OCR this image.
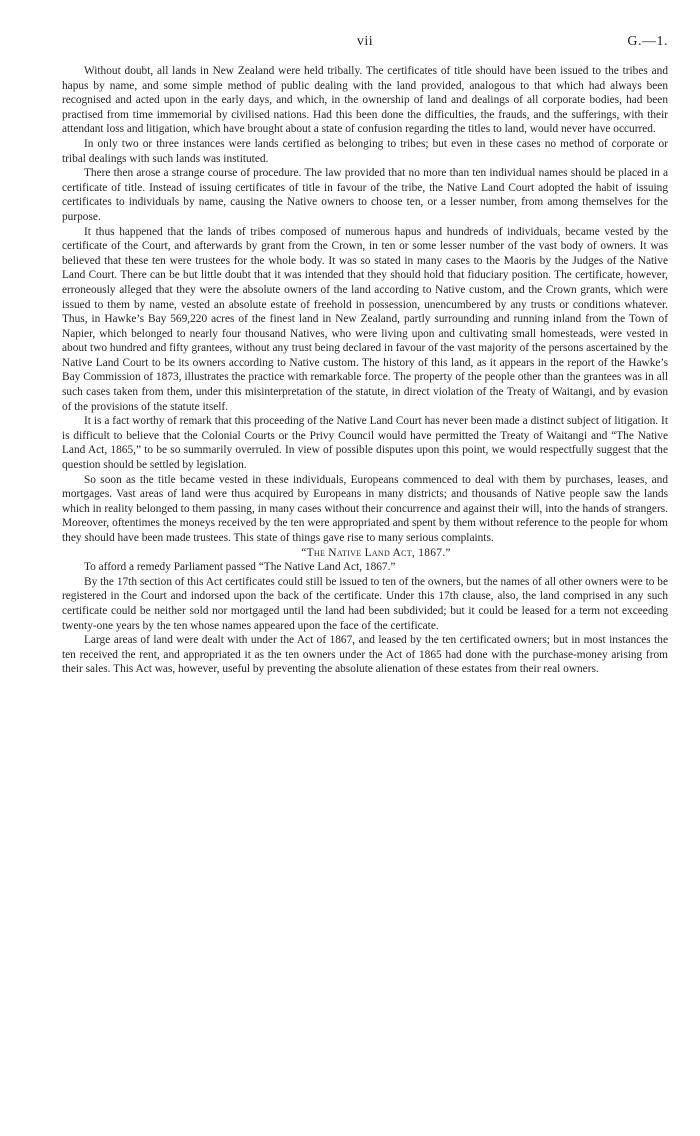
vii	G.—1.

Without doubt, all lands in New Zealand were held tribally. The certificates of title should have been issued to the tribes and hapus by name, and some simple method of public dealing with the land provided, analogous to that which had always been recognised and acted upon in the early days, and which, in the ownership of land and dealings of all corporate bodies, had been practised from time immemorial by civilised nations. Had this been done the difficulties, the frauds, and the sufferings, with their attendant loss and litigation, which have brought about a state of confusion regarding the titles to land, would never have occurred.

In only two or three instances were lands certified as belonging to tribes; but even in these cases no method of corporate or tribal dealings with such lands was instituted.

There then arose a strange course of procedure. The law provided that no more than ten individual names should be placed in a certificate of title. Instead of issuing certificates of title in favour of the tribe, the Native Land Court adopted the habit of issuing certificates to individuals by name, causing the Native owners to choose ten, or a lesser number, from among themselves for the purpose.

It thus happened that the lands of tribes composed of numerous hapus and hundreds of individuals, became vested by the certificate of the Court, and afterwards by grant from the Crown, in ten or some lesser number of the vast body of owners. It was believed that these ten were trustees for the whole body. It was so stated in many cases to the Maoris by the Judges of the Native Land Court. There can be but little doubt that it was intended that they should hold that fiduciary position. The certificate, however, erroneously alleged that they were the absolute owners of the land according to Native custom, and the Crown grants, which were issued to them by name, vested an absolute estate of freehold in possession, unencumbered by any trusts or conditions whatever. Thus, in Hawke’s Bay 569,220 acres of the finest land in New Zealand, partly surrounding and running inland from the Town of Napier, which belonged to nearly four thousand Natives, who were living upon and cultivating small homesteads, were vested in about two hundred and fifty grantees, without any trust being declared in favour of the vast majority of the persons ascertained by the Native Land Court to be its owners according to Native custom. The history of this land, as it appears in the report of the Hawke’s Bay Commission of 1873, illustrates the practice with remarkable force. The property of the people other than the grantees was in all such cases taken from them, under this misinterpretation of the statute, in direct violation of the Treaty of Waitangi, and by evasion of the provisions of the statute itself.

It is a fact worthy of remark that this proceeding of the Native Land Court has never been made a distinct subject of litigation. It is difficult to believe that the Colonial Courts or the Privy Council would have permitted the Treaty of Waitangi and “The Native Land Act, 1865,” to be so summarily overruled. In view of possible disputes upon this point, we would respectfully suggest that the question should be settled by legislation.

So soon as the title became vested in these individuals, Europeans commenced to deal with them by purchases, leases, and mortgages. Vast areas of land were thus acquired by Europeans in many districts; and thousands of Native people saw the lands which in reality belonged to them passing, in many cases without their concurrence and against their will, into the hands of strangers. Moreover, oftentimes the moneys received by the ten were appropriated and spent by them without reference to the people for whom they should have been made trustees. This state of things gave rise to many serious complaints.

“The Native Land Act, 1867.”

To afford a remedy Parliament passed “The Native Land Act, 1867.”

By the 17th section of this Act certificates could still be issued to ten of the owners, but the names of all other owners were to be registered in the Court and indorsed upon the back of the certificate. Under this 17th clause, also, the land comprised in any such certificate could be neither sold nor mortgaged until the land had been subdivided; but it could be leased for a term not exceeding twenty-one years by the ten whose names appeared upon the face of the certificate.

Large areas of land were dealt with under the Act of 1867, and leased by the ten certificated owners; but in most instances the ten received the rent, and appropriated it as the ten owners under the Act of 1865 had done with the purchase-money arising from their sales. This Act was, however, useful by preventing the absolute alienation of these estates from their real owners.
